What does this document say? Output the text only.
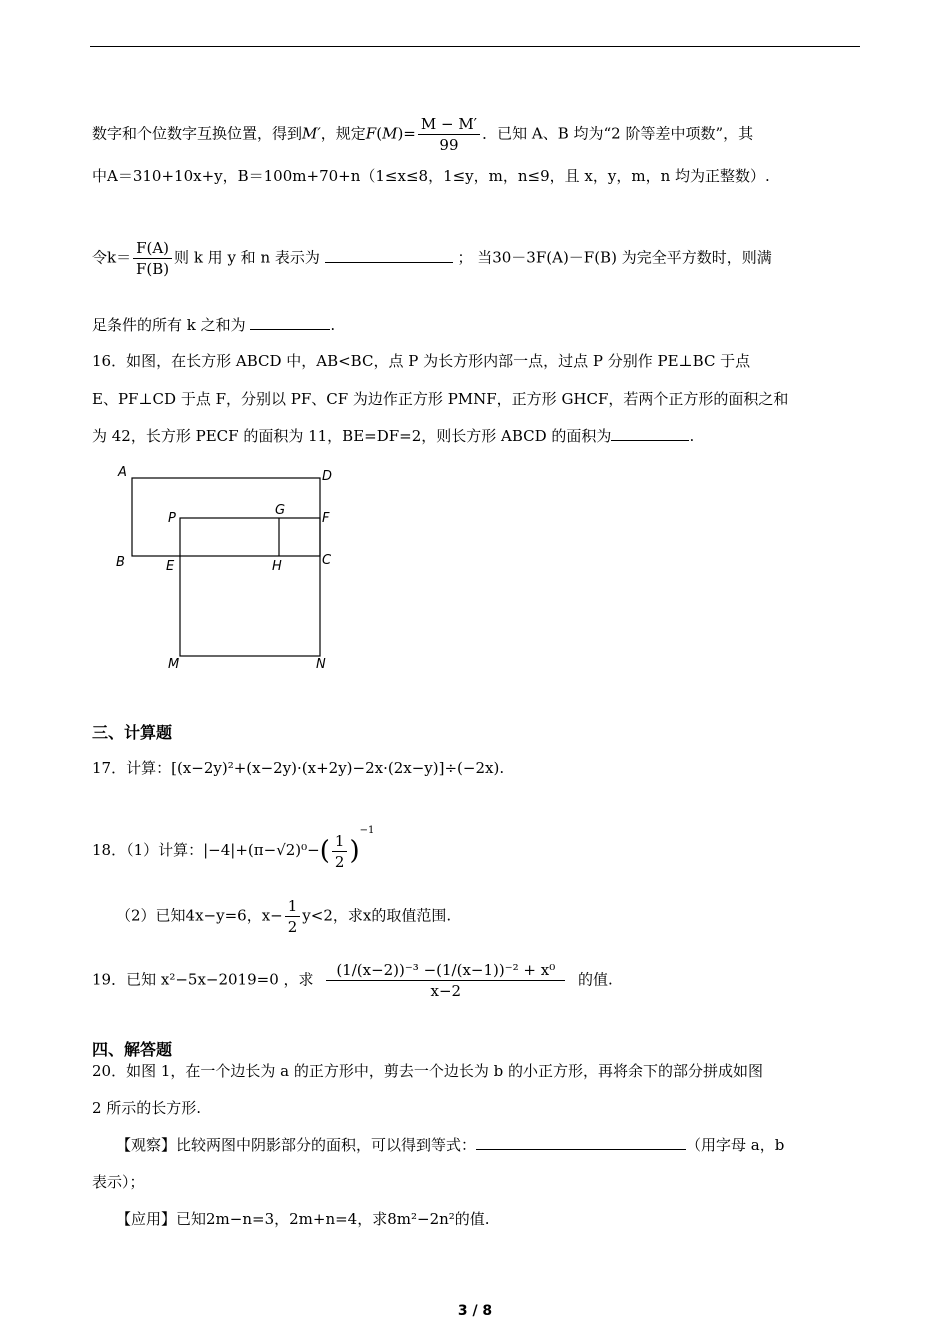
数字和个位数字互换位置，得到M′，规定$F(M)= \frac{M - M'}{99}$ ．已知 A、B 均为“2 阶等差中项数”，其
中A＝310+10x+y，B＝100m+70+n（1≤x≤8，1≤y，m，n≤9，且 x，y，m，n 均为正整数）.
令$k= \frac{F(A)}{F(B)}$ 则 k 用 y 和 n 表示为	； 当30－3F(A)－F(B) 为完全平方数时，则满
足条件的所有 k 之和为	.
16．如图，在长方形 ABCD 中，AB<BC，点 P 为长方形内部一点，过点 P 分别作 PE⊥BC 于点
E、PF⊥CD 于点 F，分别以 PF、CF 为边作正方形 PMNF，正方形 GHCF，若两个正方形的面积之和
为 42，长方形 PECF 的面积为 11，BE=DF=2，则长方形 ABCD 的面积为	.
A	D
P
G
F
B	E	H	C
M	N
三、计算题
17．计算：[(x−2y)²+(x−2y)·(x+2y)−2x·(2x−y)]÷(−2x).
18．（1）计算：$|-4|+(\pi-√2)^0-( \frac{1}{2} )^{-1}$
（2）已知4x−y=6，$x- \frac{1}{2} y<2$，求x的取值范围.
19．已知 x²−5x−2019=0 ，求 $\frac{\text{(1/(x−2))⁻³ −(1/(x−1))⁻² + x⁰}}{x-2}$ 的值.
四、解答题
20．如图 1，在一个边长为 a 的正方形中，剪去一个边长为 b 的小正方形，再将余下的部分拼成如图
2 所示的长方形.
【观察】比较两图中阴影部分的面积，可以得到等式：	（用字母 a，b
表示）；
【应用】已知2m−n=3，2m+n=4，求8m²−2n²的值.
3 / 8
